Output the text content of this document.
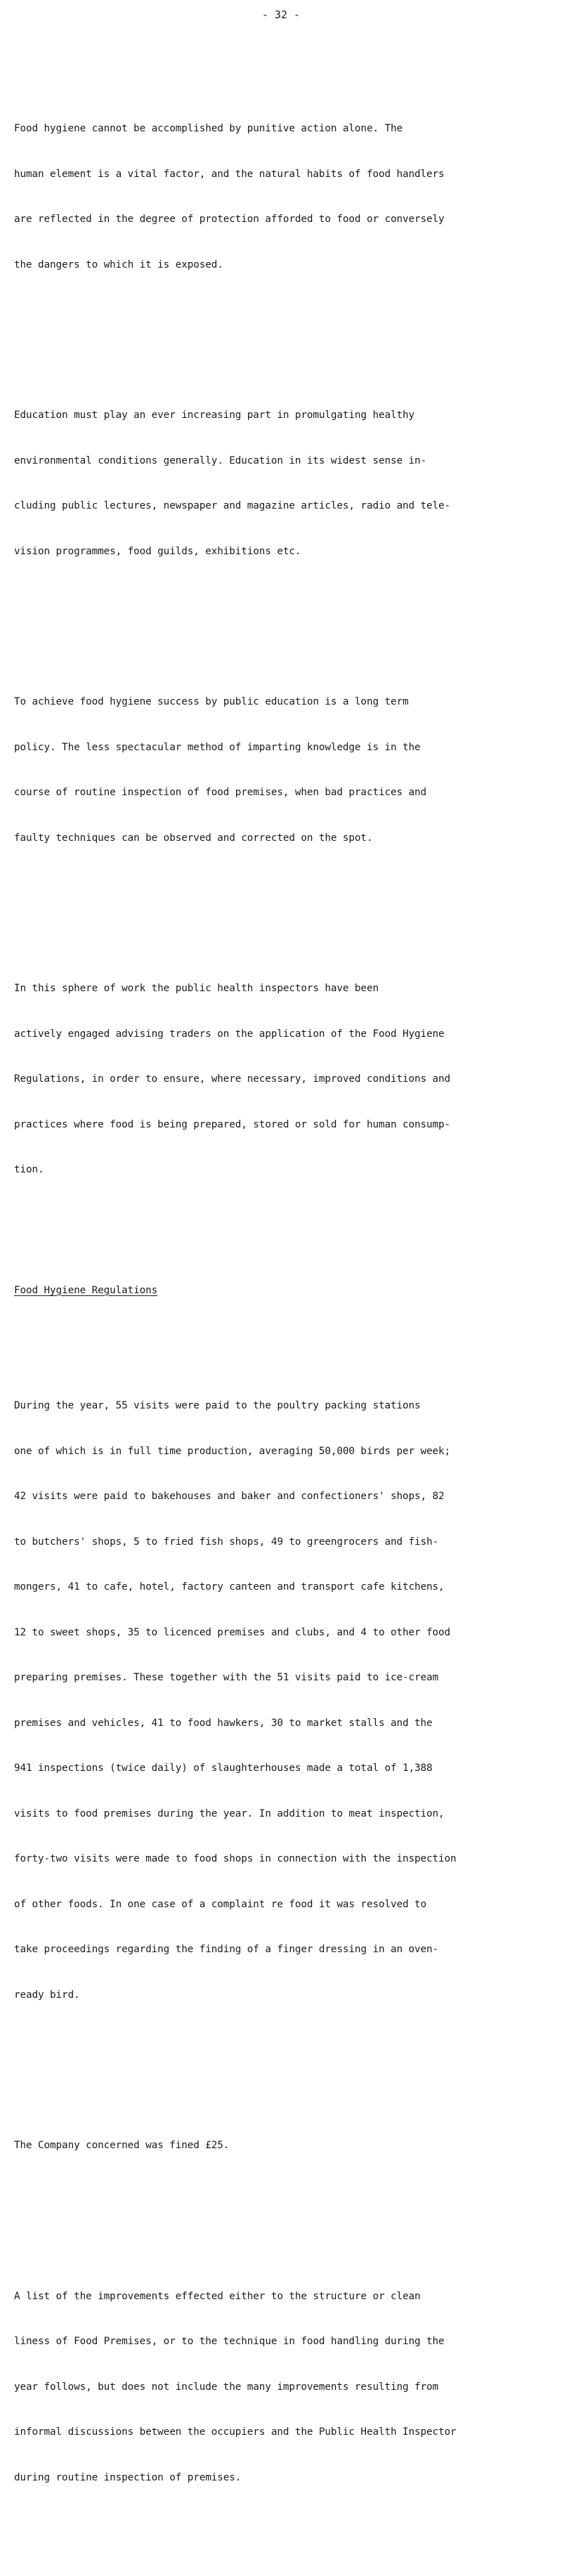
- 32 -

Food hygiene cannot be accomplished by punitive action alone. The

human element is a vital factor, and the natural habits of food handlers

are reflected in the degree of protection afforded to food or conversely

the dangers to which it is exposed.

Education must play an ever increasing part in promulgating healthy

environmental conditions generally. Education in its widest sense in-

cluding public lectures, newspaper and magazine articles, radio and tele-

vision programmes, food guilds, exhibitions etc.

To achieve food hygiene success by public education is a long term

policy. The less spectacular method of imparting knowledge is in the

course of routine inspection of food premises, when bad practices and

faulty techniques can be observed and corrected on the spot.

In this sphere of work the public health inspectors have been

actively engaged advising traders on the application of the Food Hygiene

Regulations, in order to ensure, where necessary, improved conditions and

practices where food is being prepared, stored or sold for human consump-

tion.

Food Hygiene Regulations

During the year, 55 visits were paid to the poultry packing stations

one of which is in full time production, averaging 50,000 birds per week;

42 visits were paid to bakehouses and baker and confectioners' shops, 82

to butchers' shops, 5 to fried fish shops, 49 to greengrocers and fish-

mongers, 41 to cafe, hotel, factory canteen and transport cafe kitchens,

12 to sweet shops, 35 to licenced premises and clubs, and 4 to other food

preparing premises. These together with the 51 visits paid to ice-cream

premises and vehicles, 41 to food hawkers, 30 to market stalls and the

941 inspections (twice daily) of slaughterhouses made a total of 1,388

visits to food premises during the year. In addition to meat inspection,

forty-two visits were made to food shops in connection with the inspection

of other foods. In one case of a complaint re food it was resolved to

take proceedings regarding the finding of a finger dressing in an oven-

ready bird.

The Company concerned was fined £25.

A list of the improvements effected either to the structure or clean

liness of Food Premises, or to the technique in food handling during the

year follows, but does not include the many improvements resulting from

informal discussions between the occupiers and the Public Health Inspector

during routine inspection of premises.
